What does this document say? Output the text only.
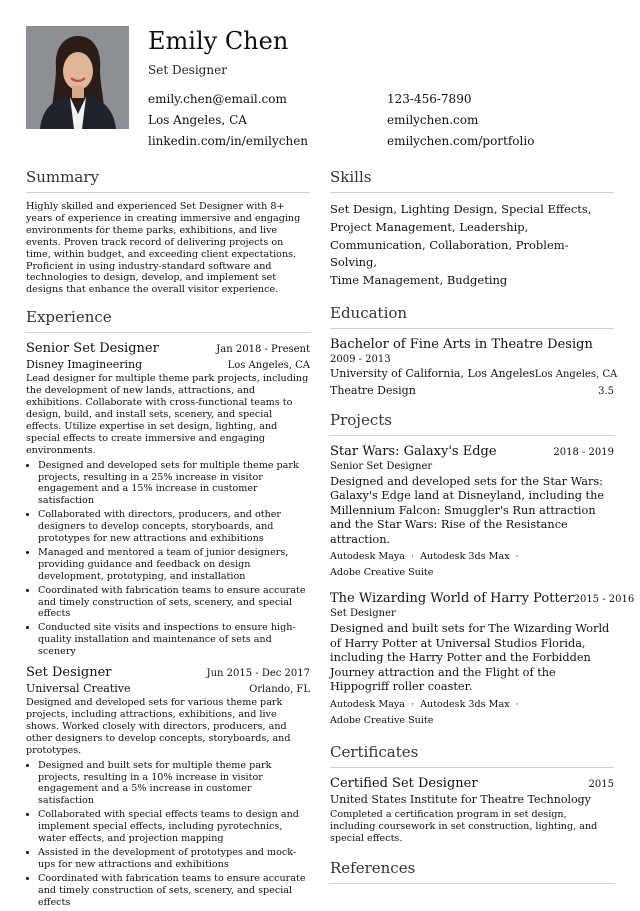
Emily Chen
Set Designer
emily.chen@email.com	123-456-7890
Los Angeles, CA	emilychen.com
linkedin.com/in/emilychen	emilychen.com/portfolio
Summary
Highly skilled and experienced Set Designer with 8+ years of experience in creating immersive and engaging environments for theme parks, exhibitions, and live events. Proven track record of delivering projects on time, within budget, and exceeding client expectations. Proficient in using industry-standard software and technologies to design, develop, and implement set designs that enhance the overall visitor experience.
Experience
Senior Set Designer	Jan 2018 - Present
Disney Imagineering	Los Angeles, CA
Lead designer for multiple theme park projects, including the development of new lands, attractions, and exhibitions. Collaborate with cross-functional teams to design, build, and install sets, scenery, and special effects. Utilize expertise in set design, lighting, and special effects to create immersive and engaging environments.
• Designed and developed sets for multiple theme park projects, resulting in a 25% increase in visitor engagement and a 15% increase in customer satisfaction
• Collaborated with directors, producers, and other designers to develop concepts, storyboards, and prototypes for new attractions and exhibitions
• Managed and mentored a team of junior designers, providing guidance and feedback on design development, prototyping, and installation
• Coordinated with fabrication teams to ensure accurate and timely construction of sets, scenery, and special effects
• Conducted site visits and inspections to ensure high-quality installation and maintenance of sets and scenery
Set Designer	Jun 2015 - Dec 2017
Universal Creative	Orlando, FL
Designed and developed sets for various theme park projects, including attractions, exhibitions, and live shows. Worked closely with directors, producers, and other designers to develop concepts, storyboards, and prototypes.
• Designed and built sets for multiple theme park projects, resulting in a 10% increase in visitor engagement and a 5% increase in customer satisfaction
• Collaborated with special effects teams to design and implement special effects, including pyrotechnics, water effects, and projection mapping
• Assisted in the development of prototypes and mock-ups for new attractions and exhibitions
• Coordinated with fabrication teams to ensure accurate and timely construction of sets, scenery, and special effects
Skills
Set Design, Lighting Design, Special Effects,
Project Management, Leadership,
Communication, Collaboration, Problem-Solving,
Time Management, Budgeting
Education
Bachelor of Fine Arts in Theatre Design
2009 - 2013
University of California, Los Angeles Los Angeles, CA
Theatre Design	3.5
Projects
Star Wars: Galaxy's Edge	2018 - 2019
Senior Set Designer
Designed and developed sets for the Star Wars: Galaxy's Edge land at Disneyland, including the Millennium Falcon: Smuggler's Run attraction and the Star Wars: Rise of the Resistance attraction.
Autodesk Maya · Autodesk 3ds Max ·
Adobe Creative Suite
The Wizarding World of Harry Potter 2015 - 2016
Set Designer
Designed and built sets for The Wizarding World of Harry Potter at Universal Studios Florida, including the Harry Potter and the Forbidden Journey attraction and the Flight of the Hippogriff roller coaster.
Autodesk Maya · Autodesk 3ds Max ·
Adobe Creative Suite
Certificates
Certified Set Designer	2015
United States Institute for Theatre Technology
Completed a certification program in set design, including coursework in set construction, lighting, and special effects.
References
